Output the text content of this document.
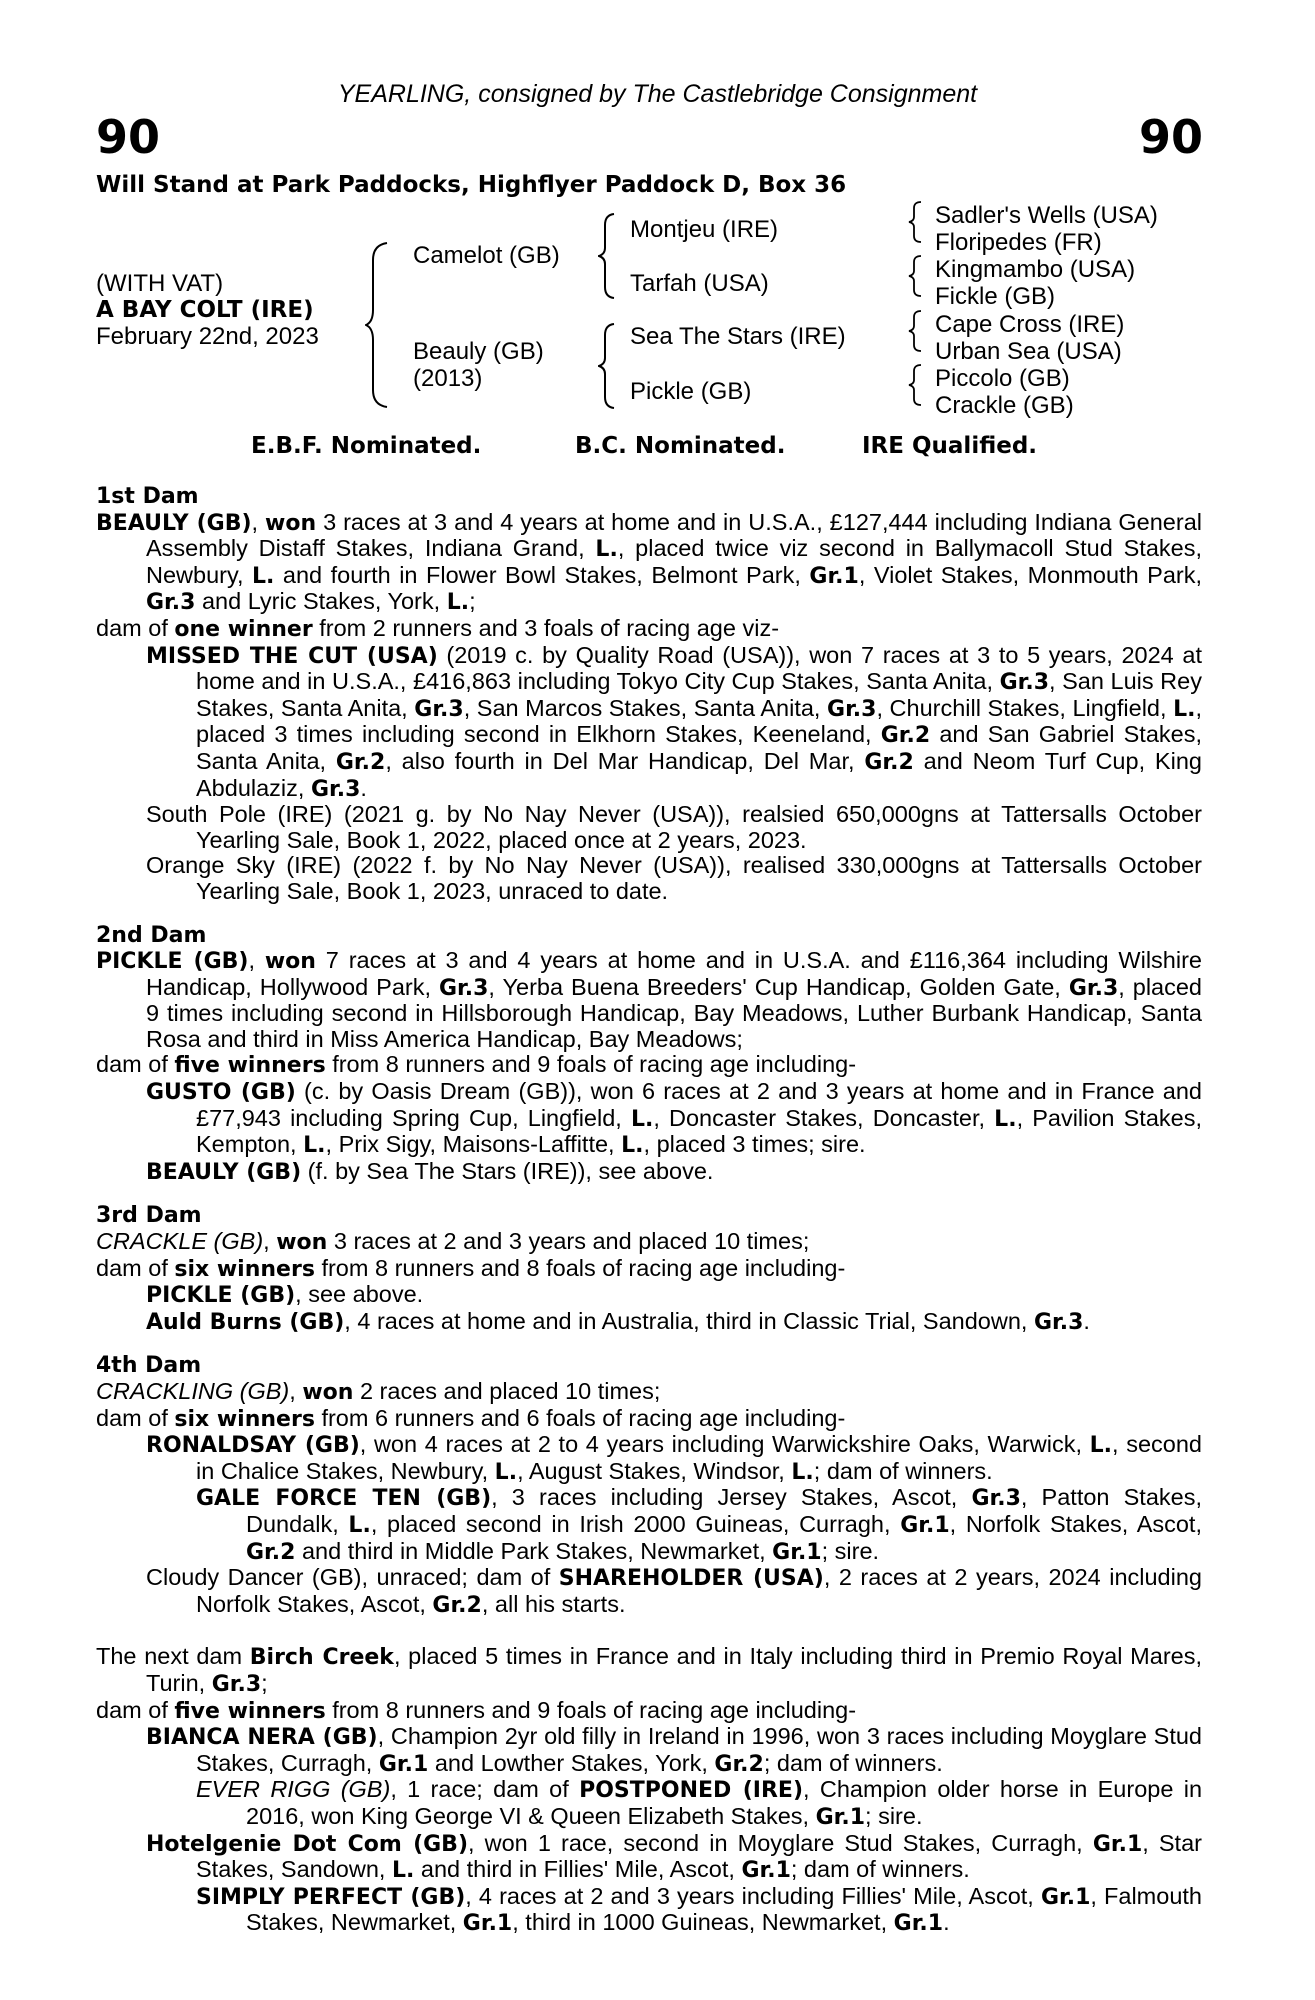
YEARLING, consigned by The Castlebridge Consignment
90	90
Will Stand at Park Paddocks, Highflyer Paddock D, Box 36
(WITH VAT)
A BAY COLT (IRE)
February 22nd, 2023
Camelot (GB)
Beauly (GB)
(2013)
Montjeu (IRE)
Tarfah (USA)
Sea The Stars (IRE)
Pickle (GB)
Sadler's Wells (USA)
Floripedes (FR)
Kingmambo (USA)
Fickle (GB)
Cape Cross (IRE)
Urban Sea (USA)
Piccolo (GB)
Crackle (GB)
E.B.F. Nominated.	B.C. Nominated.	IRE Qualified.

1st Dam

BEAULY (GB), won 3 races at 3 and 4 years at home and in U.S.A., £127,444 including Indiana General Assembly Distaff Stakes, Indiana Grand, L., placed twice viz second in Ballymacoll Stud Stakes, Newbury, L. and fourth in Flower Bowl Stakes, Belmont Park, Gr.1, Violet Stakes, Monmouth Park, Gr.3 and Lyric Stakes, York, L.;

dam of one winner from 2 runners and 3 foals of racing age viz-

MISSED THE CUT (USA) (2019 c. by Quality Road (USA)), won 7 races at 3 to 5 years, 2024 at home and in U.S.A., £416,863 including Tokyo City Cup Stakes, Santa Anita, Gr.3, San Luis Rey Stakes, Santa Anita, Gr.3, San Marcos Stakes, Santa Anita, Gr.3, Churchill Stakes, Lingfield, L., placed 3 times including second in Elkhorn Stakes, Keeneland, Gr.2 and San Gabriel Stakes, Santa Anita, Gr.2, also fourth in Del Mar Handicap, Del Mar, Gr.2 and Neom Turf Cup, King Abdulaziz, Gr.3.

South Pole (IRE) (2021 g. by No Nay Never (USA)), realsied 650,000gns at Tattersalls October Yearling Sale, Book 1, 2022, placed once at 2 years, 2023.

Orange Sky (IRE) (2022 f. by No Nay Never (USA)), realised 330,000gns at Tattersalls October Yearling Sale, Book 1, 2023, unraced to date.

2nd Dam

PICKLE (GB), won 7 races at 3 and 4 years at home and in U.S.A. and £116,364 including Wilshire Handicap, Hollywood Park, Gr.3, Yerba Buena Breeders' Cup Handicap, Golden Gate, Gr.3, placed 9 times including second in Hillsborough Handicap, Bay Meadows, Luther Burbank Handicap, Santa Rosa and third in Miss America Handicap, Bay Meadows;

dam of five winners from 8 runners and 9 foals of racing age including-

GUSTO (GB) (c. by Oasis Dream (GB)), won 6 races at 2 and 3 years at home and in France and £77,943 including Spring Cup, Lingfield, L., Doncaster Stakes, Doncaster, L., Pavilion Stakes, Kempton, L., Prix Sigy, Maisons-Laffitte, L., placed 3 times; sire.

BEAULY (GB) (f. by Sea The Stars (IRE)), see above.

3rd Dam

CRACKLE (GB), won 3 races at 2 and 3 years and placed 10 times;

dam of six winners from 8 runners and 8 foals of racing age including-

PICKLE (GB), see above.

Auld Burns (GB), 4 races at home and in Australia, third in Classic Trial, Sandown, Gr.3.

4th Dam

CRACKLING (GB), won 2 races and placed 10 times;

dam of six winners from 6 runners and 6 foals of racing age including-

RONALDSAY (GB), won 4 races at 2 to 4 years including Warwickshire Oaks, Warwick, L., second in Chalice Stakes, Newbury, L., August Stakes, Windsor, L.; dam of winners.

GALE FORCE TEN (GB), 3 races including Jersey Stakes, Ascot, Gr.3, Patton Stakes, Dundalk, L., placed second in Irish 2000 Guineas, Curragh, Gr.1, Norfolk Stakes, Ascot, Gr.2 and third in Middle Park Stakes, Newmarket, Gr.1; sire.

Cloudy Dancer (GB), unraced; dam of SHAREHOLDER (USA), 2 races at 2 years, 2024 including Norfolk Stakes, Ascot, Gr.2, all his starts.

The next dam Birch Creek, placed 5 times in France and in Italy including third in Premio Royal Mares, Turin, Gr.3;

dam of five winners from 8 runners and 9 foals of racing age including-

BIANCA NERA (GB), Champion 2yr old filly in Ireland in 1996, won 3 races including Moyglare Stud Stakes, Curragh, Gr.1 and Lowther Stakes, York, Gr.2; dam of winners.

EVER RIGG (GB), 1 race; dam of POSTPONED (IRE), Champion older horse in Europe in 2016, won King George VI & Queen Elizabeth Stakes, Gr.1; sire.

Hotelgenie Dot Com (GB), won 1 race, second in Moyglare Stud Stakes, Curragh, Gr.1, Star Stakes, Sandown, L. and third in Fillies' Mile, Ascot, Gr.1; dam of winners.

SIMPLY PERFECT (GB), 4 races at 2 and 3 years including Fillies' Mile, Ascot, Gr.1, Falmouth Stakes, Newmarket, Gr.1, third in 1000 Guineas, Newmarket, Gr.1.
